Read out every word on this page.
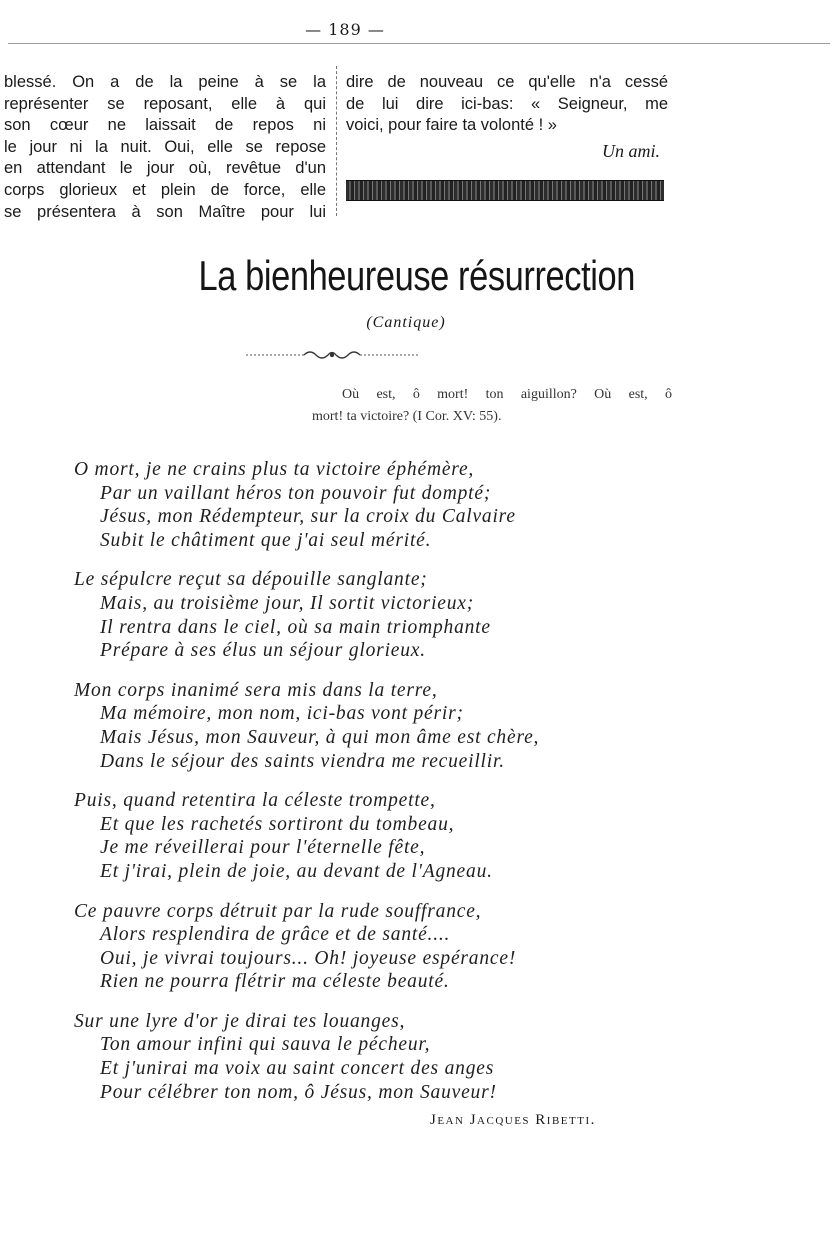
— 189 —
blessé. On a de la peine à se la
représenter se reposant, elle à qui
son cœur ne laissait de repos ni
le jour ni la nuit. Oui, elle se repose
en attendant le jour où, revêtue d'un
corps glorieux et plein de force, elle
se présentera à son Maître pour lui
dire de nouveau ce qu'elle n'a cessé
de lui dire ici-bas: « Seigneur, me
voici, pour faire ta volonté ! »
Un ami.
La bienheureuse résurrection
(Cantique)
Où est, ô mort! ton aiguillon? Où est, ô
mort! ta victoire? (I Cor. XV: 55).
O mort, je ne crains plus ta victoire éphémère,
Par un vaillant héros ton pouvoir fut dompté;
Jésus, mon Rédempteur, sur la croix du Calvaire
Subit le châtiment que j'ai seul mérité.
Le sépulcre reçut sa dépouille sanglante;
Mais, au troisième jour, Il sortit victorieux;
Il rentra dans le ciel, où sa main triomphante
Prépare à ses élus un séjour glorieux.
Mon corps inanimé sera mis dans la terre,
Ma mémoire, mon nom, ici-bas vont périr;
Mais Jésus, mon Sauveur, à qui mon âme est chère,
Dans le séjour des saints viendra me recueillir.
Puis, quand retentira la céleste trompette,
Et que les rachetés sortiront du tombeau,
Je me réveillerai pour l'éternelle fête,
Et j'irai, plein de joie, au devant de l'Agneau.
Ce pauvre corps détruit par la rude souffrance,
Alors resplendira de grâce et de santé....
Oui, je vivrai toujours... Oh! joyeuse espérance!
Rien ne pourra flétrir ma céleste beauté.
Sur une lyre d'or je dirai tes louanges,
Ton amour infini qui sauva le pécheur,
Et j'unirai ma voix au saint concert des anges
Pour célébrer ton nom, ô Jésus, mon Sauveur!
Jean Jacques Ribetti.
